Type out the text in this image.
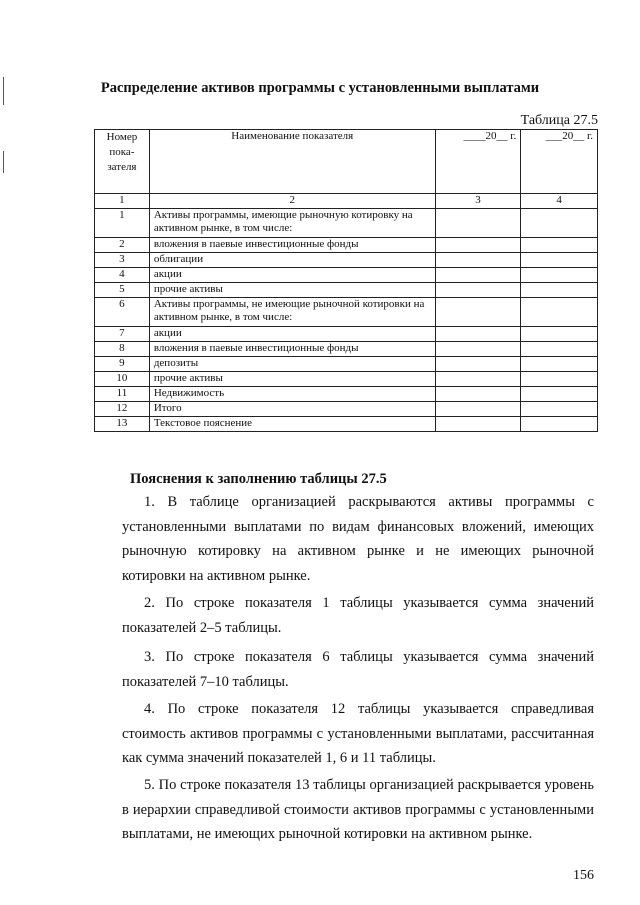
Распределение активов программы с установленными выплатами
Таблица 27.5
Номер пока-зателя	Наименование показателя	____20__ г.	___20__ г.
1	2	3	4
1	Активы программы, имеющие рыночную котировку на активном рынке, в том числе:		
2	вложения в паевые инвестиционные фонды		
3	облигации		
4	акции		
5	прочие активы		
6	Активы программы, не имеющие рыночной котировки на активном рынке, в том числе:		
7	акции		
8	вложения в паевые инвестиционные фонды		
9	депозиты		
10	прочие активы		
11	Недвижимость		
12	Итого		
13	Текстовое пояснение		
Пояснения к заполнению таблицы 27.5
1. В таблице организацией раскрываются активы программы с установленными выплатами по видам финансовых вложений, имеющих рыночную котировку на активном рынке и не имеющих рыночной котировки на активном рынке.
2. По строке показателя 1 таблицы указывается сумма значений показателей 2–5 таблицы.
3. По строке показателя 6 таблицы указывается сумма значений показателей 7–10 таблицы.
4. По строке показателя 12 таблицы указывается справедливая стоимость активов программы с установленными выплатами, рассчитанная как сумма значений показателей 1, 6 и 11 таблицы.
5. По строке показателя 13 таблицы организацией раскрывается уровень в иерархии справедливой стоимости активов программы с установленными выплатами, не имеющих рыночной котировки на активном рынке.
156
